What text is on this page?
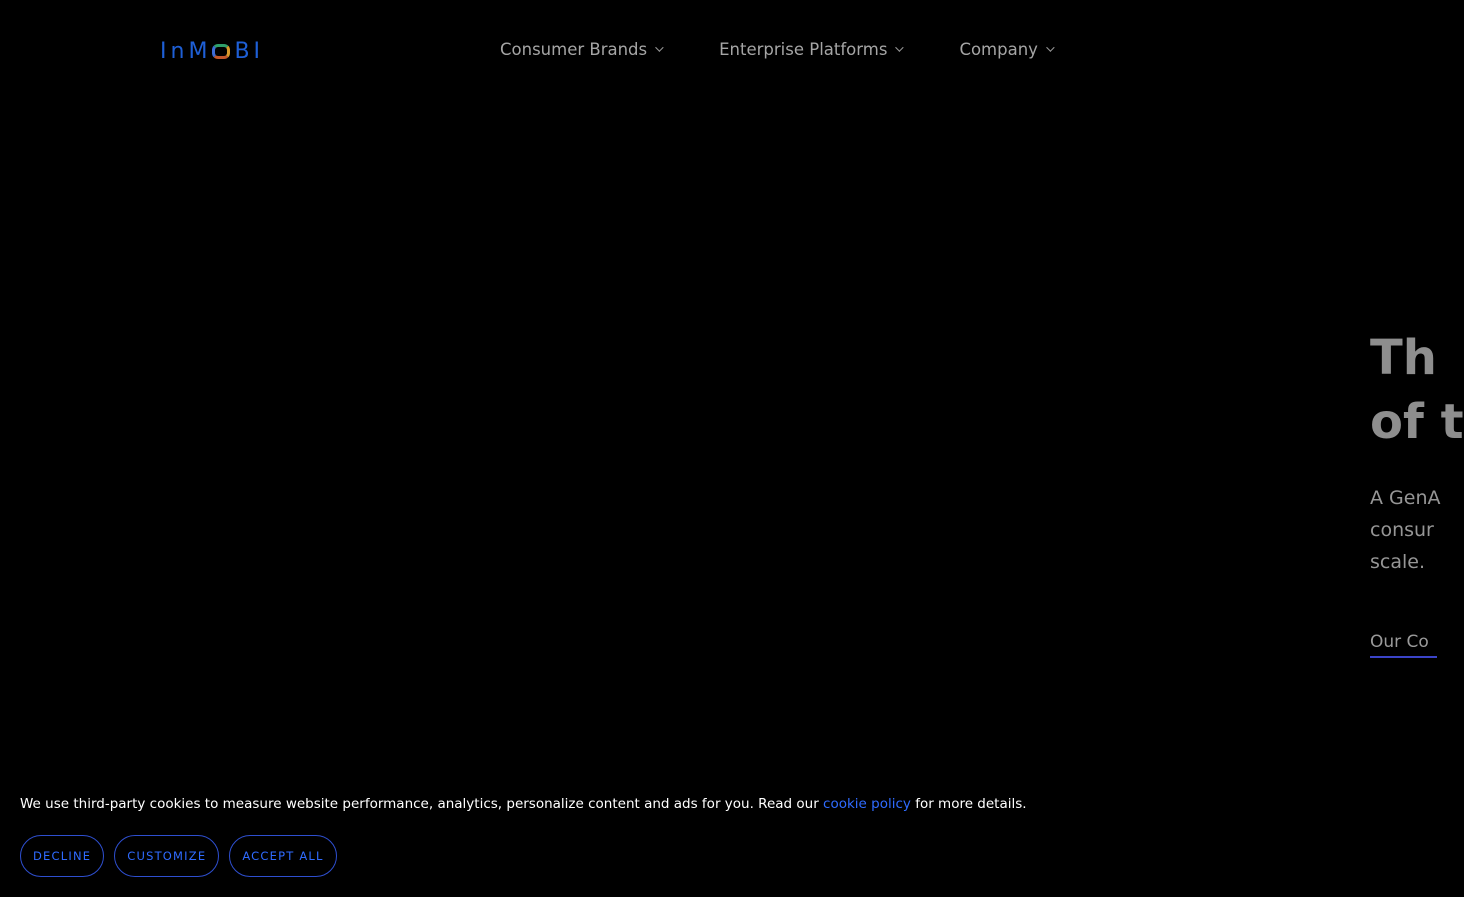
I n M B I	Consumer Brands	Enterprise Platforms	Company
Th
of t
A GenA
consur
scale.
Our Co
We use third-party cookies to measure website performance, analytics, personalize content and ads for you. Read our cookie policy for more details.
DECLINE	CUSTOMIZE	ACCEPT ALL
